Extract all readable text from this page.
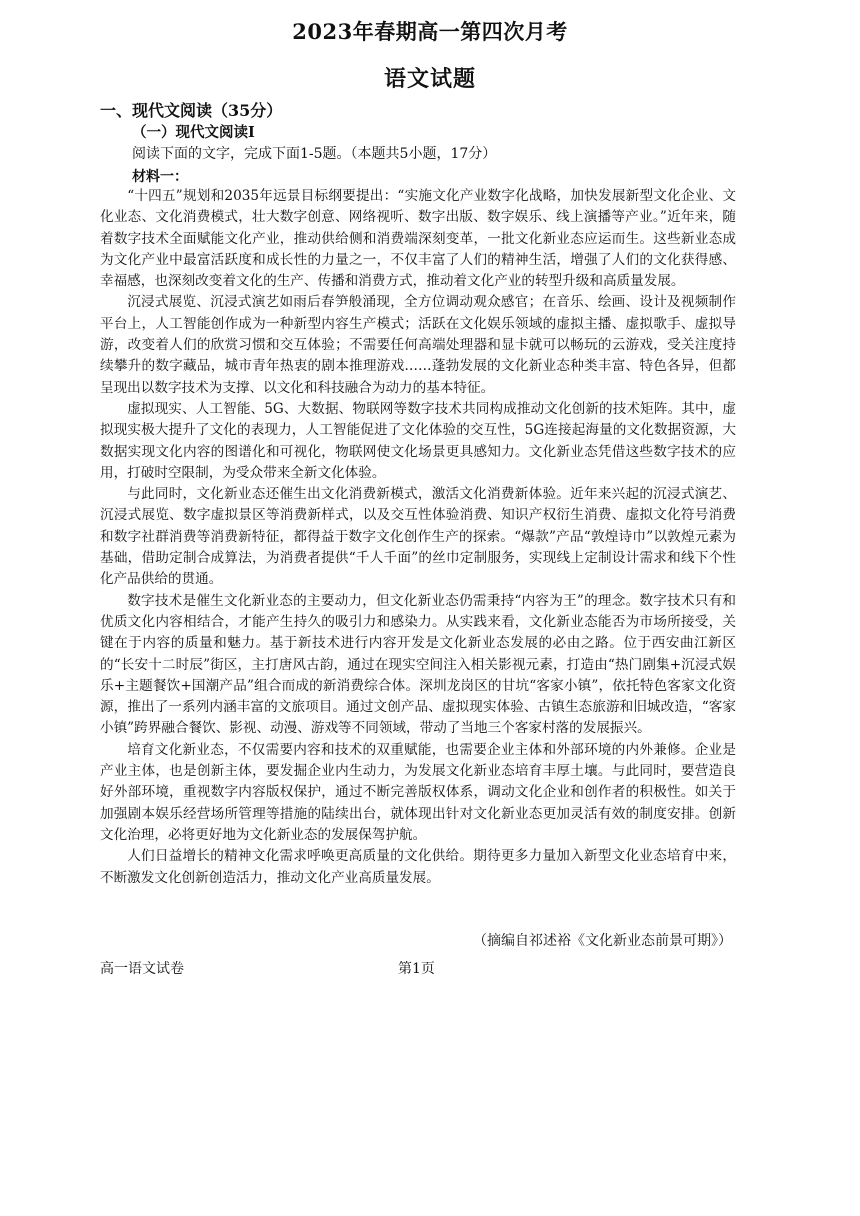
2023年春期高一第四次月考
语文试题
一、现代文阅读（35分）
（一）现代文阅读Ⅰ
阅读下面的文字，完成下面1-5题。（本题共5小题，17分）
材料一：

“十四五”规划和2035年远景目标纲要提出：“实施文化产业数字化战略，加快发展新型文化企业、文化业态、文化消费模式，壮大数字创意、网络视听、数字出版、数字娱乐、线上演播等产业。”近年来，随着数字技术全面赋能文化产业，推动供给侧和消费端深刻变革，一批文化新业态应运而生。这些新业态成为文化产业中最富活跃度和成长性的力量之一，不仅丰富了人们的精神生活，增强了人们的文化获得感、幸福感，也深刻改变着文化的生产、传播和消费方式，推动着文化产业的转型升级和高质量发展。

沉浸式展览、沉浸式演艺如雨后春笋般涌现，全方位调动观众感官；在音乐、绘画、设计及视频制作平台上，人工智能创作成为一种新型内容生产模式；活跃在文化娱乐领域的虚拟主播、虚拟歌手、虚拟导游，改变着人们的欣赏习惯和交互体验；不需要任何高端处理器和显卡就可以畅玩的云游戏，受关注度持续攀升的数字藏品，城市青年热衷的剧本推理游戏……蓬勃发展的文化新业态种类丰富、特色各异，但都呈现出以数字技术为支撑、以文化和科技融合为动力的基本特征。

虚拟现实、人工智能、5G、大数据、物联网等数字技术共同构成推动文化创新的技术矩阵。其中，虚拟现实极大提升了文化的表现力，人工智能促进了文化体验的交互性，5G连接起海量的文化数据资源，大数据实现文化内容的图谱化和可视化，物联网使文化场景更具感知力。文化新业态凭借这些数字技术的应用，打破时空限制，为受众带来全新文化体验。

与此同时，文化新业态还催生出文化消费新模式，激活文化消费新体验。近年来兴起的沉浸式演艺、沉浸式展览、数字虚拟景区等消费新样式，以及交互性体验消费、知识产权衍生消费、虚拟文化符号消费和数字社群消费等消费新特征，都得益于数字文化创作生产的探索。“爆款”产品“敦煌诗巾”以敦煌元素为基础，借助定制合成算法，为消费者提供“千人千面”的丝巾定制服务，实现线上定制设计需求和线下个性化产品供给的贯通。

数字技术是催生文化新业态的主要动力，但文化新业态仍需秉持“内容为王”的理念。数字技术只有和优质文化内容相结合，才能产生持久的吸引力和感染力。从实践来看，文化新业态能否为市场所接受，关键在于内容的质量和魅力。基于新技术进行内容开发是文化新业态发展的必由之路。位于西安曲江新区的“长安十二时辰”街区，主打唐风古韵，通过在现实空间注入相关影视元素，打造由“热门剧集+沉浸式娱乐+主题餐饮+国潮产品”组合而成的新消费综合体。深圳龙岗区的甘坑“客家小镇”，依托特色客家文化资源，推出了一系列内涵丰富的文旅项目。通过文创产品、虚拟现实体验、古镇生态旅游和旧城改造，“客家小镇”跨界融合餐饮、影视、动漫、游戏等不同领域，带动了当地三个客家村落的发展振兴。

培育文化新业态，不仅需要内容和技术的双重赋能，也需要企业主体和外部环境的内外兼修。企业是产业主体，也是创新主体，要发掘企业内生动力，为发展文化新业态培育丰厚土壤。与此同时，要营造良好外部环境，重视数字内容版权保护，通过不断完善版权体系，调动文化企业和创作者的积极性。如关于加强剧本娱乐经营场所管理等措施的陆续出台，就体现出针对文化新业态更加灵活有效的制度安排。创新文化治理，必将更好地为文化新业态的发展保驾护航。

人们日益增长的精神文化需求呼唤更高质量的文化供给。期待更多力量加入新型文化业态培育中来，不断激发文化创新创造活力，推动文化产业高质量发展。

（摘编自祁述裕《文化新业态前景可期》）
高一语文试卷	第1页
